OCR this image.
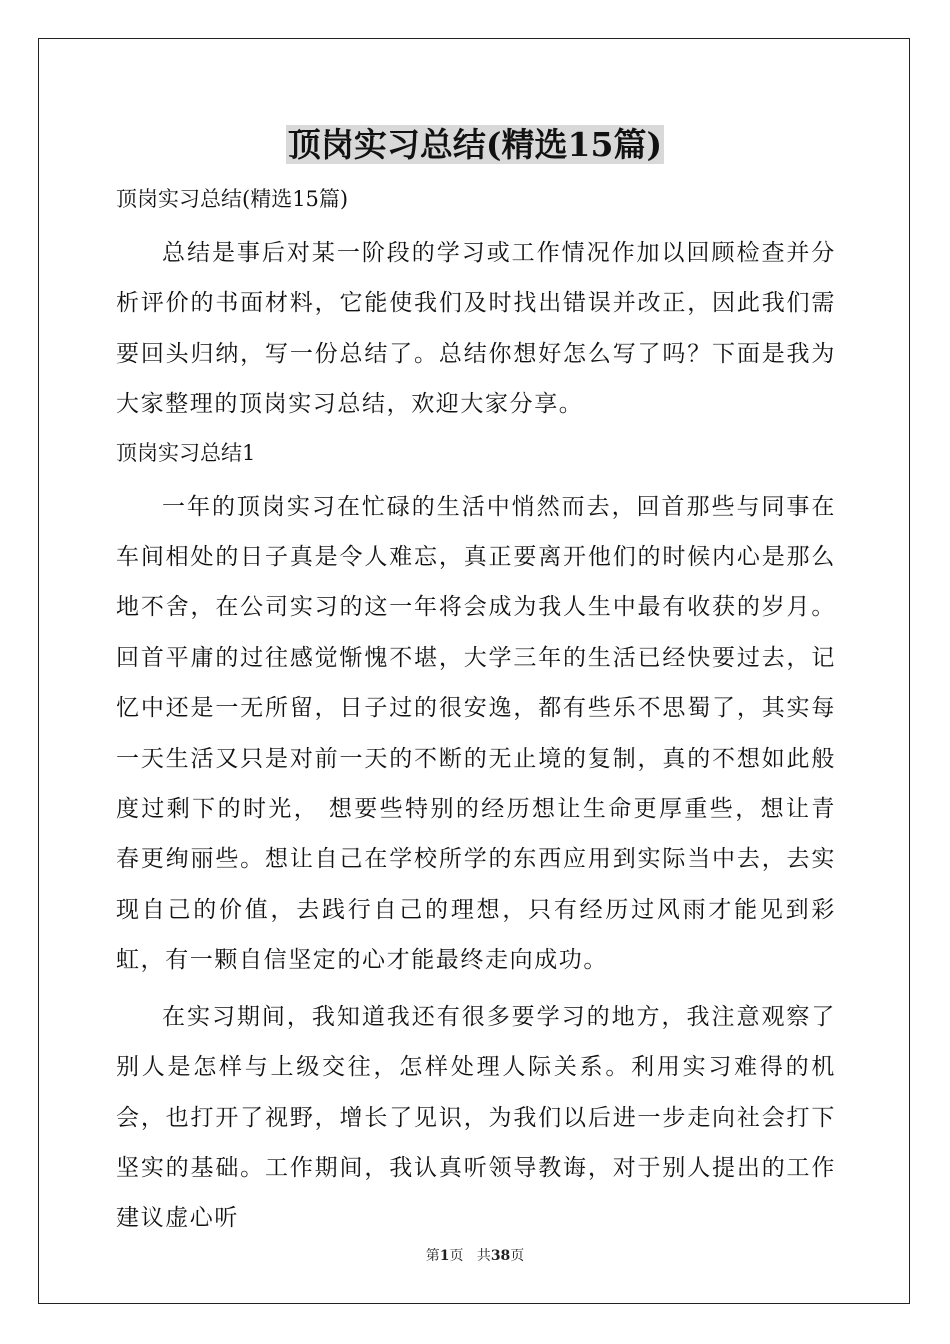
顶岗实习总结(精选15篇)

顶岗实习总结(精选15篇)

总结是事后对某一阶段的学习或工作情况作加以回顾检查并分析评价的书面材料，它能使我们及时找出错误并改正，因此我们需要回头归纳，写一份总结了。总结你想好怎么写了吗？下面是我为大家整理的顶岗实习总结，欢迎大家分享。

顶岗实习总结1

一年的顶岗实习在忙碌的生活中悄然而去，回首那些与同事在车间相处的日子真是令人难忘，真正要离开他们的时候内心是那么地不舍，在公司实习的这一年将会成为我人生中最有收获的岁月。回首平庸的过往感觉惭愧不堪，大学三年的生活已经快要过去，记忆中还是一无所留，日子过的很安逸，都有些乐不思蜀了，其实每一天生活又只是对前一天的不断的无止境的复制，真的不想如此般度过剩下的时光， 想要些特别的经历想让生命更厚重些，想让青春更绚丽些。想让自己在学校所学的东西应用到实际当中去，去实现自己的价值，去践行自己的理想，只有经历过风雨才能见到彩虹，有一颗自信坚定的心才能最终走向成功。

在实习期间，我知道我还有很多要学习的地方，我注意观察了别人是怎样与上级交往，怎样处理人际关系。利用实习难得的机会，也打开了视野，增长了见识，为我们以后进一步走向社会打下坚实的基础。工作期间，我认真听领导教诲，对于别人提出的工作建议虚心听

第1页 共38页
